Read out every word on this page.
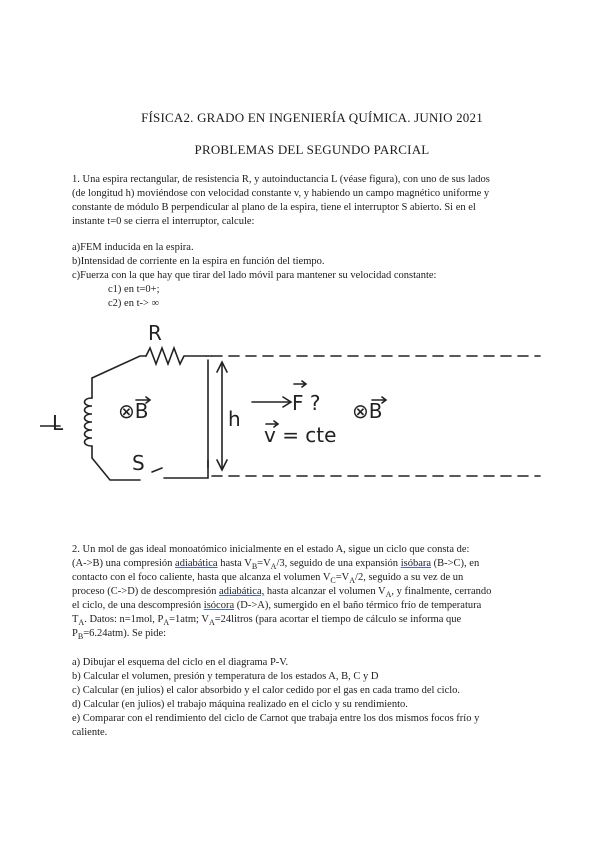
FÍSICA2. GRADO EN INGENIERÍA QUÍMICA. JUNIO 2021
PROBLEMAS DEL SEGUNDO PARCIAL

1. Una espira rectangular, de resistencia R, y autoinductancia L (véase figura), con uno de sus lados

(de longitud h) moviéndose con velocidad constante v, y habiendo un campo magnético uniforme y

constante de módulo B perpendicular al plano de la espira, tiene el interruptor S abierto. Si en el

instante t=0 se cierra el interruptor, calcule:

a)FEM inducida en la espira.

b)Intensidad de corriente en la espira en función del tiempo.

c)Fuerza con la que hay que tirar del lado móvil para mantener su velocidad constante:

c1) en t=0+;

c2) en t-> ∞

R
L
S
h
⊗B	⊗B
F ?
v = cte

2. Un mol de gas ideal monoatómico inicialmente en el estado A, sigue un ciclo que consta de:

(A->B) una compresión adiabática hasta $V_B=V_A/3$, seguido de una expansión isóbara (B->C), en

contacto con el foco caliente, hasta que alcanza el volumen $V_C=V_A/2$, seguido a su vez de un

proceso (C->D) de descompresión adiabática, hasta alcanzar el volumen $V_A$, y finalmente, cerrando

el ciclo, de una descompresión isócora (D->A), sumergido en el baño térmico frío de temperatura

$T_A$. Datos: n=1mol, $P_A=1atm$; $V_A=24litros$ (para acortar el tiempo de cálculo se informa que

$P_B=6.24atm$). Se pide:

a) Dibujar el esquema del ciclo en el diagrama P-V.

b) Calcular el volumen, presión y temperatura de los estados A, B, C y D

c) Calcular (en julios) el calor absorbido y el calor cedido por el gas en cada tramo del ciclo.

d) Calcular (en julios) el trabajo máquina realizado en el ciclo y su rendimiento.

e) Comparar con el rendimiento del ciclo de Carnot que trabaja entre los dos mismos focos frío y

caliente.
